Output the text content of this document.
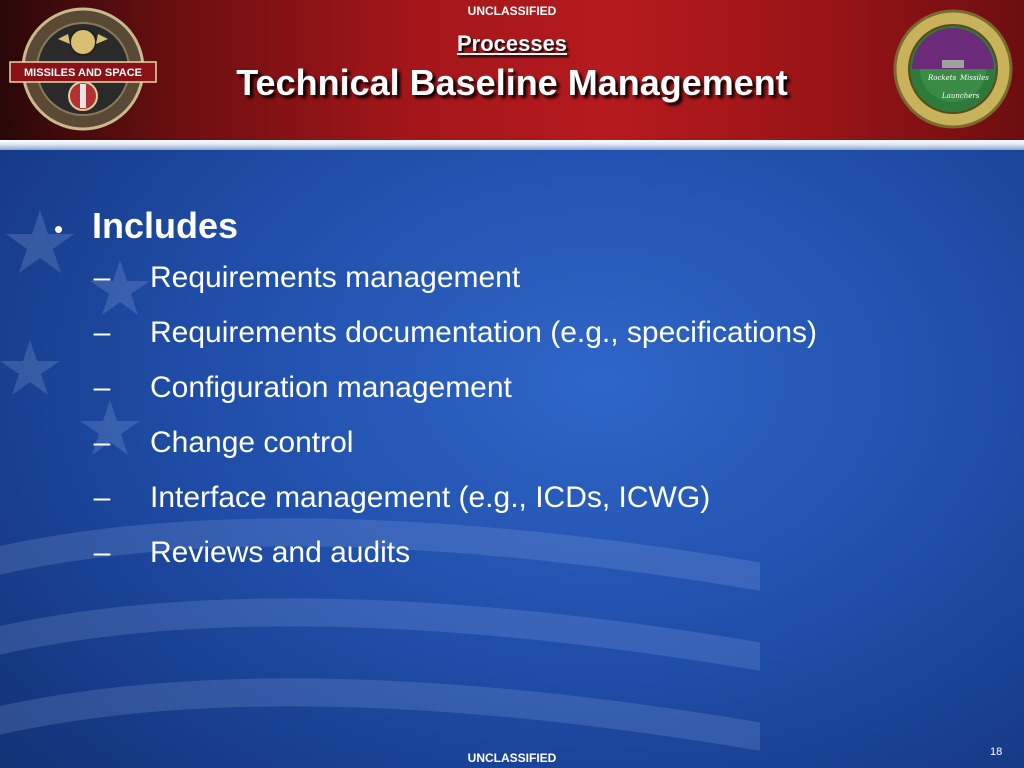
MISSILES AND SPACE	Rockets Missiles
Launchers
UNCLASSIFIED
Processes
Technical Baseline Management
• Includes
–	Requirements management
–	Requirements documentation (e.g., specifications)
–	Configuration management
–	Change control
–	Interface management (e.g., ICDs, ICWG)
–	Reviews and audits
UNCLASSIFIED	18
